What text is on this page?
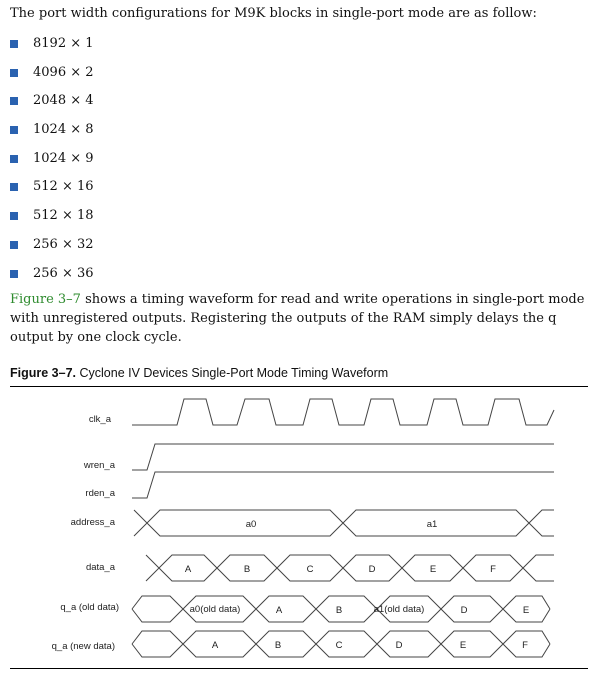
The port width configurations for M9K blocks in single-port mode are as follow:
8192 × 1
4096 × 2
2048 × 4
1024 × 8
1024 × 9
512 × 16
512 × 18
256 × 32
256 × 36
Figure 3–7 shows a timing waveform for read and write operations in single-port mode with unregistered outputs. Registering the outputs of the RAM simply delays the q output by one clock cycle.
Figure 3–7. Cyclone IV Devices Single-Port Mode Timing Waveform
clk_a
wren_a
rden_a
address_a
data_a
q_a (old data)
q_a (new data)
a0	a1
A	B	C	D	E	F
a0(old data)	A	B	a1(old data)	D	E
A	B	C	D	E	F
